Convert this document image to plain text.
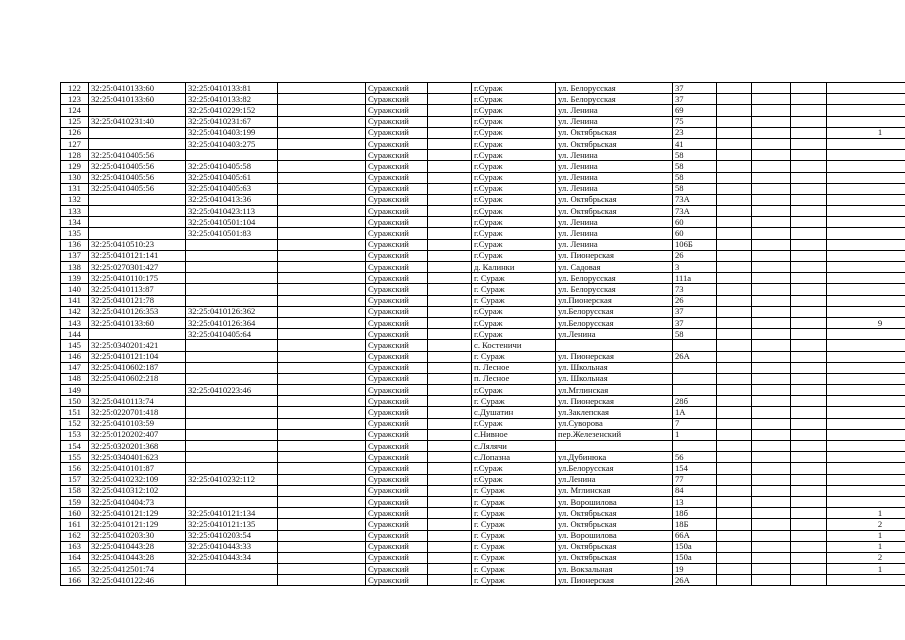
122	32:25:0410133:60	32:25:0410133:81		Суражский		г.Сураж	ул. Белорусская	37				
123	32:25:0410133:60	32:25:0410133:82		Суражский		г.Сураж	ул. Белорусская	37				
124		32:25:0410229:152		Суражский		г.Сураж	ул. Ленина	69				
125	32:25:0410231:40	32:25:0410231:67		Суражский		г.Сураж	ул. Ленина	75				
126		32:25:0410403:199		Суражский		г.Сураж	ул. Октябрьская	23				1
127		32:25:0410403:275		Суражский		г.Сураж	ул. Октябрьская	41				
128	32:25:0410405:56			Суражский		г.Сураж	ул. Ленина	58				
129	32:25:0410405:56	32:25:0410405:58		Суражский		г.Сураж	ул. Ленина	58				
130	32:25:0410405:56	32:25:0410405:61		Суражский		г.Сураж	ул. Ленина	58				
131	32:25:0410405:56	32:25:0410405:63		Суражский		г.Сураж	ул. Ленина	58				
132		32:25:0410413:36		Суражский		г.Сураж	ул. Октябрьская	73А				
133		32:25:0410423:113		Суражский		г.Сураж	ул. Октябрьская	73А				
134		32:25:0410501:104		Суражский		г.Сураж	ул. Ленина	60				
135		32:25:0410501:83		Суражский		г.Сураж	ул. Ленина	60				
136	32:25:0410510:23			Суражский		г.Сураж	ул. Ленина	106Б				
137	32:25:0410121:141			Суражский		г.Сураж	ул. Пионерская	26				
138	32:25:0270301:427			Суражский		д. Калинки	ул. Садовая	3				
139	32:25:0410110:175			Суражский		г. Сураж	ул. Белорусская	111а				
140	32:25:0410113:87			Суражский		г. Сураж	ул. Белорусская	73				
141	32:25:0410121:78			Суражский		г. Сураж	ул.Пионерская	26				
142	32:25:0410126:353	32:25:0410126:362		Суражский		г.Сураж	ул.Белорусская	37				
143	32:25:0410133:60	32:25:0410126:364		Суражский		г.Сураж	ул.Белорусская	37				9
144		32:25:0410405:64		Суражский		г.Сураж	ул.Ленина	58				
145	32:25:0340201:421			Суражский		с. Костеничи						
146	32:25:0410121:104			Суражский		г. Сураж	ул. Пионерская	26А				
147	32:25:0410602:187			Суражский		п. Лесное	ул. Школьная					
148	32:25:0410602:218			Суражский		п. Лесное	ул. Школьная					
149		32:25:0410223:46		Суражский		г.Сураж	ул.Мглинская					
150	32:25:0410113:74			Суражский		г. Сураж	ул. Пионерская	28б				
151	32:25:0220701:418			Суражский		с.Душатин	ул.Заклепская	1А				
152	32:25:0410103:59			Суражский		г.Сураж	ул.Суворова	7				
153	32:25:0120202:407			Суражский		с.Нивное	пер.Железенский	1				
154	32:25:0320201:368			Суражский		с.Лялячи						
155	32:25:0340401:623			Суражский		с.Лопазна	ул.Дубинюка	56				
156	32:25:0410101:87			Суражский		г.Сураж	ул.Белорусская	154				
157	32:25:0410232:109	32:25:0410232:112		Суражский		г.Сураж	ул.Ленина	77				
158	32:25:0410312:102			Суражский		г. Сураж	ул. Мглинская	84				
159	32:25:0410404:73			Суражский		г. Сураж	ул. Ворошилова	13				
160	32:25:0410121:129	32:25:0410121:134		Суражский		г. Сураж	ул. Октябрьская	18б				1
161	32:25:0410121:129	32:25:0410121:135		Суражский		г. Сураж	ул. Октябрьская	18Б				2
162	32:25:0410203:30	32:25:0410203:54		Суражский		г. Сураж	ул. Ворошилова	66А				1
163	32:25:0410443:28	32:25:0410443:33		Суражский		г. Сураж	ул. Октябрьская	150а				1
164	32:25:0410443:28	32:25:0410443:34		Суражский		г. Сураж	ул. Октябрьская	150а				2
165	32:25:0412501:74			Суражский		г. Сураж	ул. Вокзальная	19				1
166	32:25:0410122:46			Суражский		г. Сураж	ул. Пионерская	26А				
